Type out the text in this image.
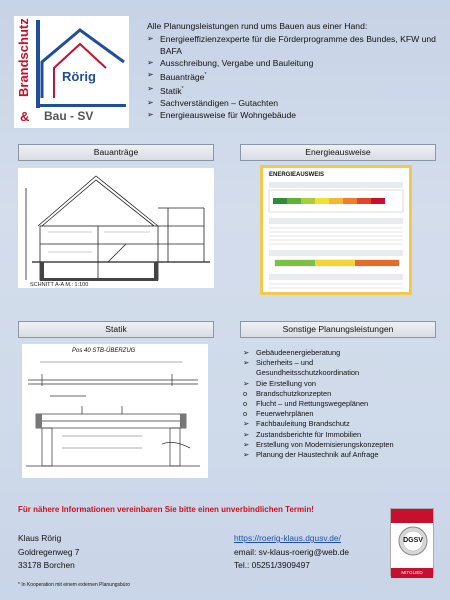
Brandschutz Rörig
& Bau - SV
Alle Planungsleistungen rund ums Bauen aus einer Hand:
➢ Energieeffizienzexperte für die Förderprogramme des Bundes, KFW und BAFA
➢ Ausschreibung, Vergabe und Bauleitung
➢ Bauanträge*
➢ Statik*
➢ Sachverständigen – Gutachten
➢ Energieausweise für Wohngebäude
Bauanträge	Energieausweise
SCHNITT A-A M.: 1:100
ENERGIEAUSWEIS
Statik	Sonstige Planungsleistungen
Pos 40 STB-ÜBERZUG	➢ Gebäudeenergieberatung
➢ Sicherheits – und
Gesundheitsschutzkoordination
➢ Die Erstellung von
o Brandschutzkonzepten
o Flucht – und Rettungswegeplänen
o Feuerwehrplänen
➢ Fachbauleitung Brandschutz
➢ Zustandsberichte für Immobilien
➢ Erstellung von Modernisierungskonzepten
➢ Planung der Haustechnik auf Anfrage
Für nähere Informationen vereinbaren Sie bitte einen unverbindlichen Termin!
Klaus Rörig
Goldregenweg 7
33178 Borchen
https://roerig-klaus.dgusv.de/
email: sv-klaus-roerig@web.de
Tel.: 05251/3909497
DGSV
MITGLIED
* In Kooperation mit einem externen Planungsbüro
